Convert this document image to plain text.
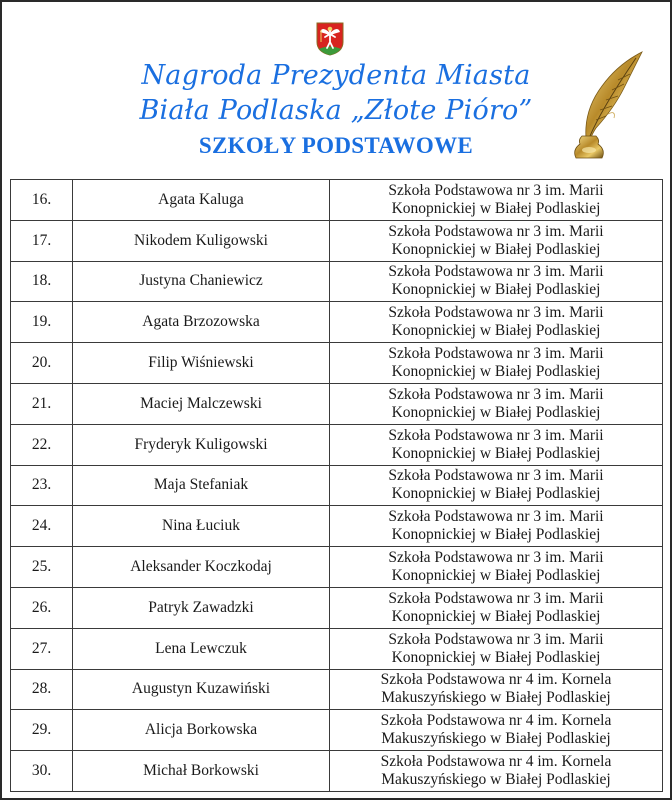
Nagroda Prezydenta Miasta
Biała Podlaska „Złote Pióro”
SZKOŁY PODSTAWOWE
16.	Agata Kaluga	Szkoła Podstawowa nr 3 im. Marii
Konopnickiej w Białej Podlaskiej

17.	Nikodem Kuligowski	Szkoła Podstawowa nr 3 im. Marii
Konopnickiej w Białej Podlaskiej

18.	Justyna Chaniewicz	Szkoła Podstawowa nr 3 im. Marii
Konopnickiej w Białej Podlaskiej

19.	Agata Brzozowska	Szkoła Podstawowa nr 3 im. Marii
Konopnickiej w Białej Podlaskiej

20.	Filip Wiśniewski	Szkoła Podstawowa nr 3 im. Marii
Konopnickiej w Białej Podlaskiej

21.	Maciej Malczewski	Szkoła Podstawowa nr 3 im. Marii
Konopnickiej w Białej Podlaskiej

22.	Fryderyk Kuligowski	Szkoła Podstawowa nr 3 im. Marii
Konopnickiej w Białej Podlaskiej

23.	Maja Stefaniak	Szkoła Podstawowa nr 3 im. Marii
Konopnickiej w Białej Podlaskiej

24.	Nina Łuciuk	Szkoła Podstawowa nr 3 im. Marii
Konopnickiej w Białej Podlaskiej

25.	Aleksander Koczkodaj	Szkoła Podstawowa nr 3 im. Marii
Konopnickiej w Białej Podlaskiej

26.	Patryk Zawadzki	Szkoła Podstawowa nr 3 im. Marii
Konopnickiej w Białej Podlaskiej

27.	Lena Lewczuk	Szkoła Podstawowa nr 3 im. Marii
Konopnickiej w Białej Podlaskiej

28.	Augustyn Kuzawiński	Szkoła Podstawowa nr 4 im. Kornela
Makuszyńskiego w Białej Podlaskiej

29.	Alicja Borkowska	Szkoła Podstawowa nr 4 im. Kornela
Makuszyńskiego w Białej Podlaskiej

30.	Michał Borkowski	Szkoła Podstawowa nr 4 im. Kornela
Makuszyńskiego w Białej Podlaskiej
